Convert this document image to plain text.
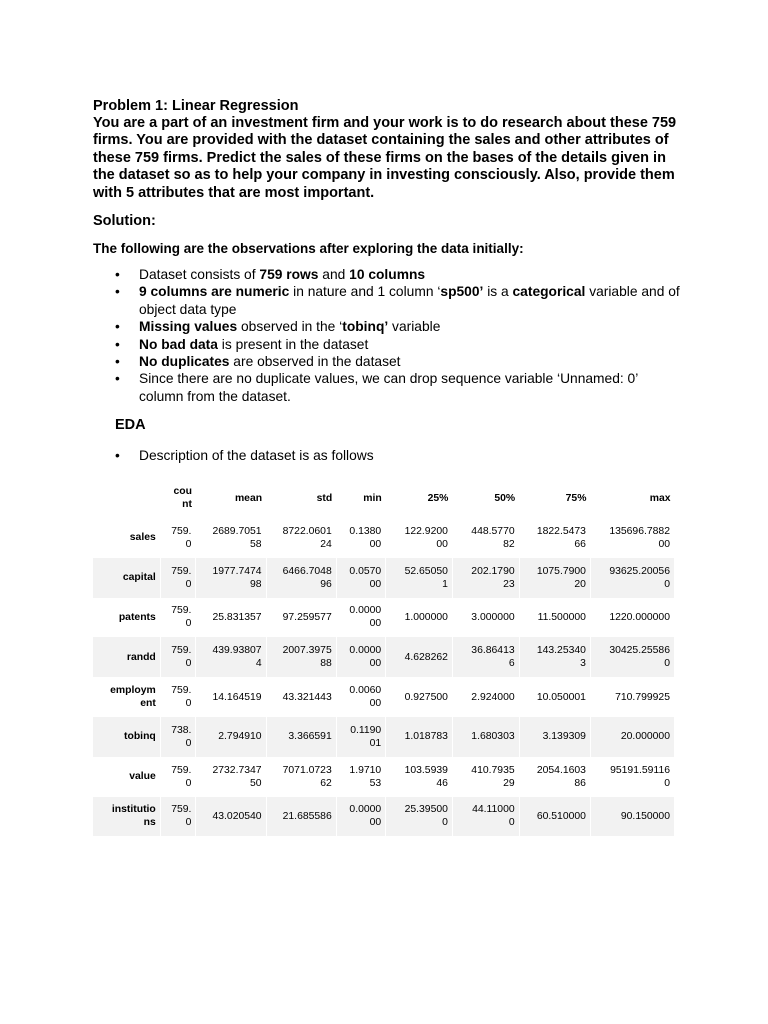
Problem 1: Linear Regression

You are a part of an investment firm and your work is to do research about these 759 firms. You are provided with the dataset containing the sales and other attributes of these 759 firms. Predict the sales of these firms on the bases of the details given in the dataset so as to help your company in investing consciously. Also, provide them with 5 attributes that are most important.

Solution:

The following are the observations after exploring the data initially:

• Dataset consists of 759 rows and 10 columns
• 9 columns are numeric in nature and 1 column ‘sp500’ is a categorical variable and of object data type
• Missing values observed in the ‘tobinq’ variable
• No bad data is present in the dataset
• No duplicates are observed in the dataset
• Since there are no duplicate values, we can drop sequence variable ‘Unnamed: 0’ column from the dataset.

EDA

• Description of the dataset is as follows
	count	mean	std	min	25%	50%	75%	max
sales	759.0	2689.705158	8722.060124	0.138000	122.920000	448.577082	1822.547366	135696.788200
capital	759.0	1977.747498	6466.704896	0.057000	52.650501	202.179023	1075.790020	93625.200560
patents	759.0	25.831357	97.259577	0.000000	1.000000	3.000000	11.500000	1220.000000
randd	759.0	439.938074	2007.397588	0.000000	4.628262	36.864136	143.253403	30425.255860
employment	759.0	14.164519	43.321443	0.006000	0.927500	2.924000	10.050001	710.799925
tobinq	738.0	2.794910	3.366591	0.119001	1.018783	1.680303	3.139309	20.000000
value	759.0	2732.734750	7071.072362	1.971053	103.593946	410.793529	2054.160386	95191.591160
institutions	759.0	43.020540	21.685586	0.000000	25.395000	44.110000	60.510000	90.150000
